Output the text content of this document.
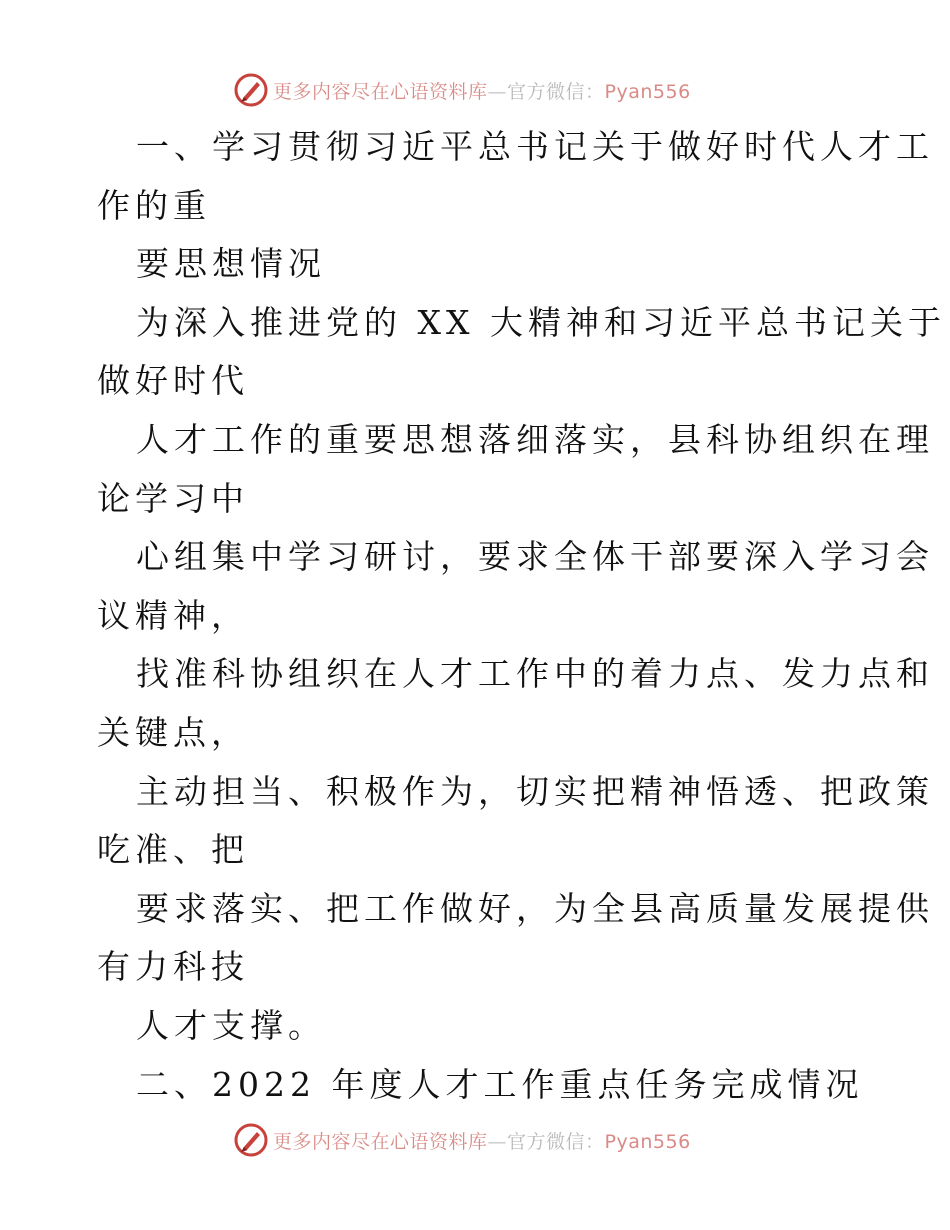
更多内容尽在心语资料库—官方微信：Pyan556
一、学习贯彻习近平总书记关于做好时代人才工
作的重
要思想情况
为深入推进党的 XX 大精神和习近平总书记关于
做好时代
人才工作的重要思想落细落实，县科协组织在理
论学习中
心组集中学习研讨，要求全体干部要深入学习会
议精神，
找准科协组织在人才工作中的着力点、发力点和
关键点，
主动担当、积极作为，切实把精神悟透、把政策
吃准、把
要求落实、把工作做好，为全县高质量发展提供
有力科技
人才支撑。
二、2022 年度人才工作重点任务完成情况
更多内容尽在心语资料库—官方微信：Pyan556
